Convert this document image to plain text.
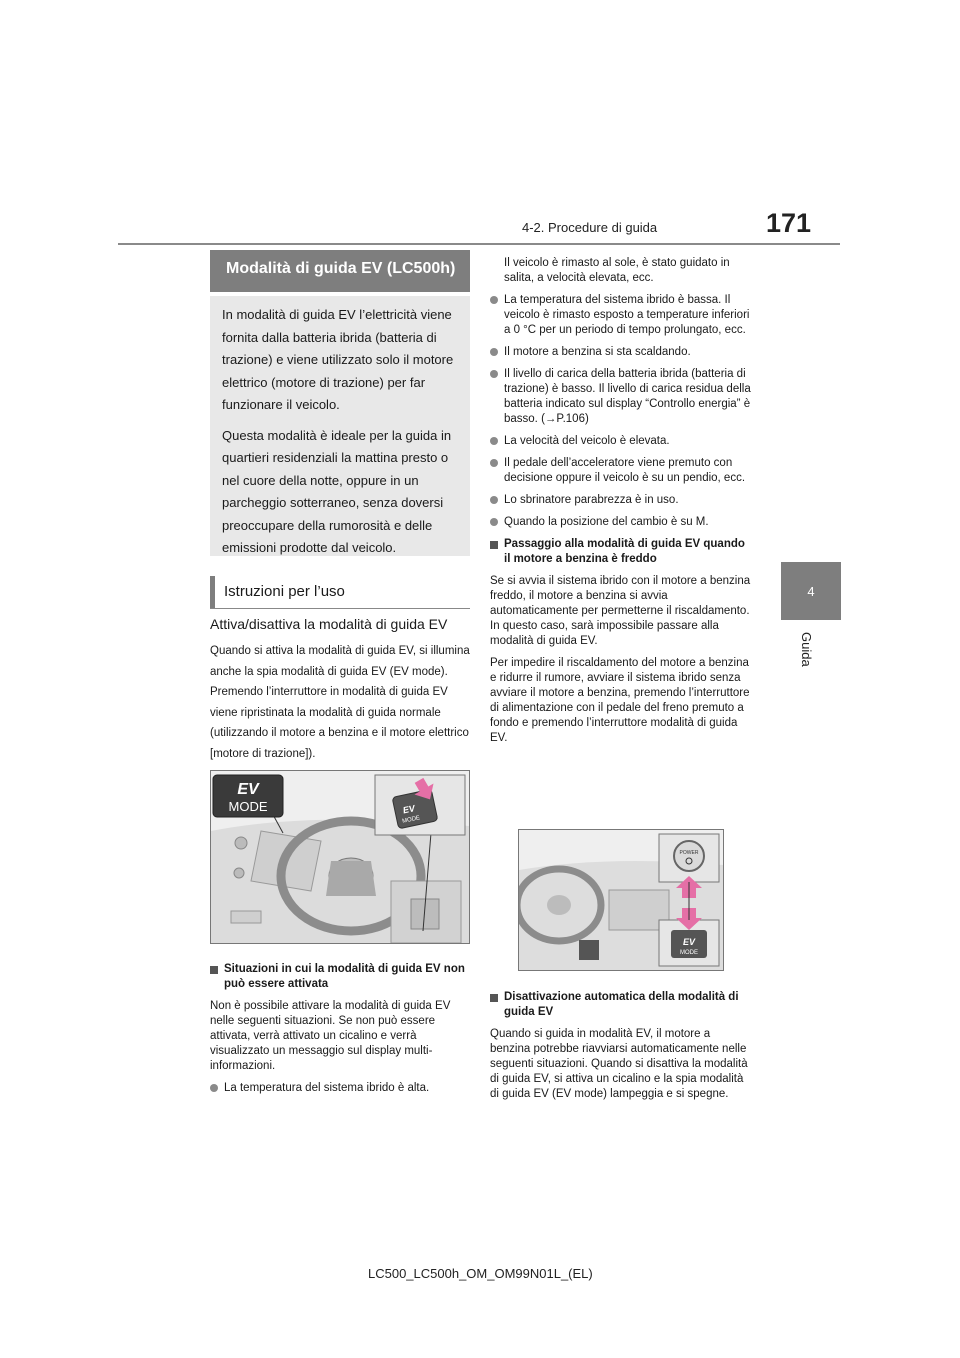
4-2. Procedure di guida	171
4
Guida
Modalità di guida EV (LC500h)

In modalità di guida EV l’elettricità viene fornita dalla batteria ibrida (batteria di trazione) e viene utilizzato solo il motore elettrico (motore di trazione) per far funzionare il veicolo.

Questa modalità è ideale per la guida in quartieri residenziali la mattina presto o nel cuore della notte, oppure in un parcheggio sotterraneo, senza doversi preoccupare della rumorosità e delle emissioni prodotte dal veicolo.

Istruzioni per l’uso
Attiva/disattiva la modalità di guida EV
Quando si attiva la modalità di guida EV, si illumina anche la spia modalità di guida EV (EV mode). Premendo l’interruttore in modalità di guida EV viene ripristinata la modalità di guida normale (utilizzando il motore a benzina e il motore elettrico [motore di trazione]).
EV
MODE	EV
MODE

Situazioni in cui la modalità di guida EV non può essere attivata

Non è possibile attivare la modalità di guida EV nelle seguenti situazioni. Se non può essere attivata, verrà attivato un cicalino e verrà visualizzato un messaggio sul display multi-informazioni.

La temperatura del sistema ibrido è alta.

Il veicolo è rimasto al sole, è stato guidato in salita, a velocità elevata, ecc.

La temperatura del sistema ibrido è bassa. Il veicolo è rimasto esposto a temperature inferiori a 0 °C per un periodo di tempo prolungato, ecc.

Il motore a benzina si sta scaldando.

Il livello di carica della batteria ibrida (batteria di trazione) è basso. Il livello di carica residua della batteria indicato sul display “Controllo energia” è basso. (→P.106)

La velocità del veicolo è elevata.

Il pedale dell’acceleratore viene premuto con decisione oppure il veicolo è su un pendio, ecc.

Lo sbrinatore parabrezza è in uso.

Quando la posizione del cambio è su M.

Passaggio alla modalità di guida EV quando il motore a benzina è freddo

Se si avvia il sistema ibrido con il motore a benzina freddo, il motore a benzina si avvia automaticamente per permetterne il riscaldamento. In questo caso, sarà impossibile passare alla modalità di guida EV.

Per impedire il riscaldamento del motore a benzina e ridurre il rumore, avviare il sistema ibrido senza avviare il motore a benzina, premendo l’interruttore di alimentazione con il pedale del freno premuto a fondo e premendo l’interruttore modalità di guida EV.

POWER
EV
MODE

Disattivazione automatica della modalità di guida EV

Quando si guida in modalità EV, il motore a benzina potrebbe riavviarsi automaticamente nelle seguenti situazioni. Quando si disattiva la modalità di guida EV, si attiva un cicalino e la spia modalità di guida EV (EV mode) lampeggia e si spegne.

LC500_LC500h_OM_OM99N01L_(EL)
